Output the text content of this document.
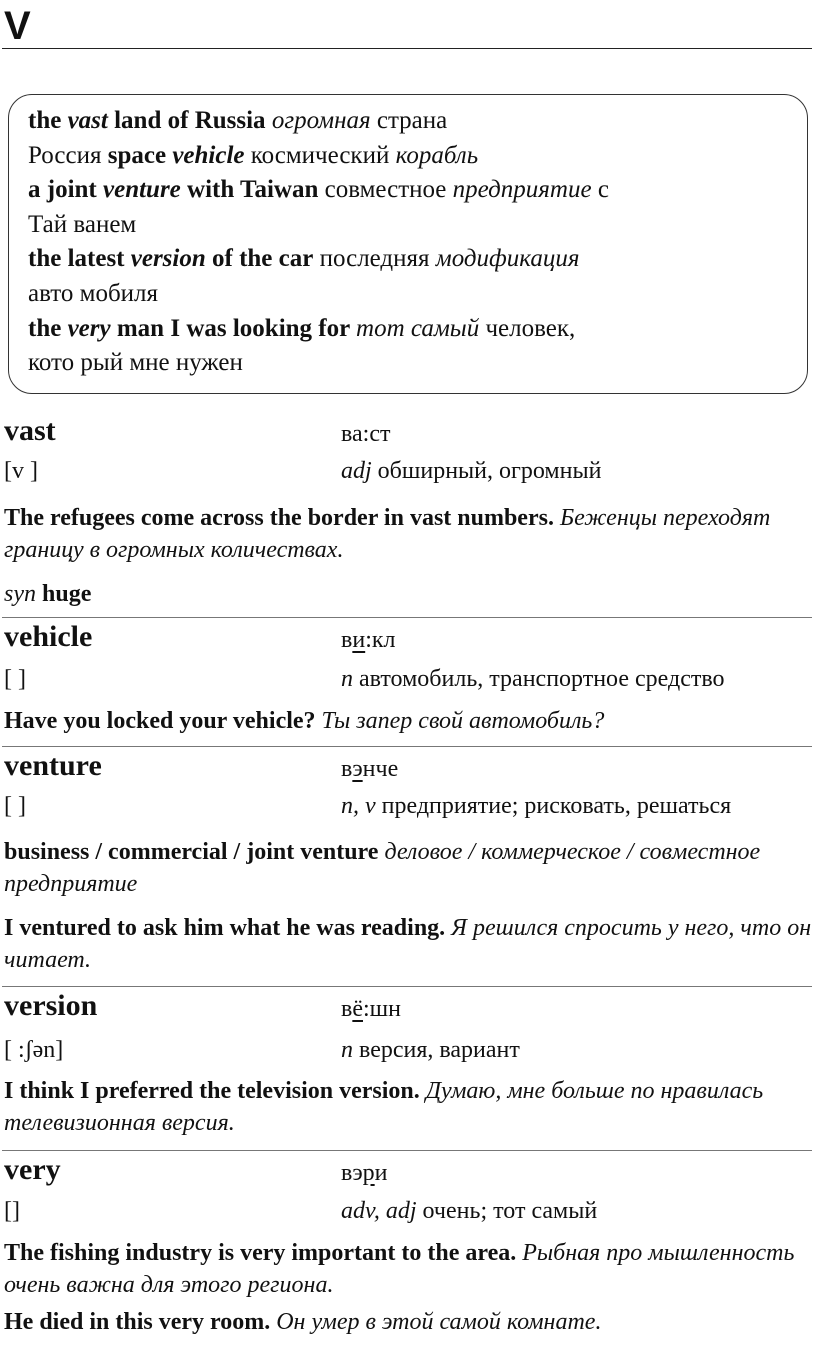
V
the vast land of Russia огромная страна
Россия space vehicle космический корабль
a joint venture with Taiwan совместное предприятие с
Тай ванем
the latest version of the car последняя модификация
авто мобиля
the very man I was looking for тот самый человек,
кото рый мне нужен
vast	ва:ст
[v ]	adj обширный, огромный
The refugees come across the border in vast numbers. Беженцы переходят границу в огромных количествах.
syn huge
vehicle	ви:кл
[ ]	n автомобиль, транспортное средство
Have you locked your vehicle? Ты запер свой автомобиль?
venture	вэнче
[ ]	n, v предприятие; рисковать, решаться
business / commercial / joint venture деловое / коммерческое / совместное предприятие
I ventured to ask him what he was reading. Я решился спросить у него, что он читает.
version	вё:шн
[ :ʃən]	n версия, вариант
I think I preferred the television version. Думаю, мне больше по нравилась телевизионная версия.
very	вэри
[]	adv, adj очень; тот самый
The fishing industry is very important to the area. Рыбная про мышленность очень важна для этого региона.
He died in this very room. Он умер в этой самой комнате.
